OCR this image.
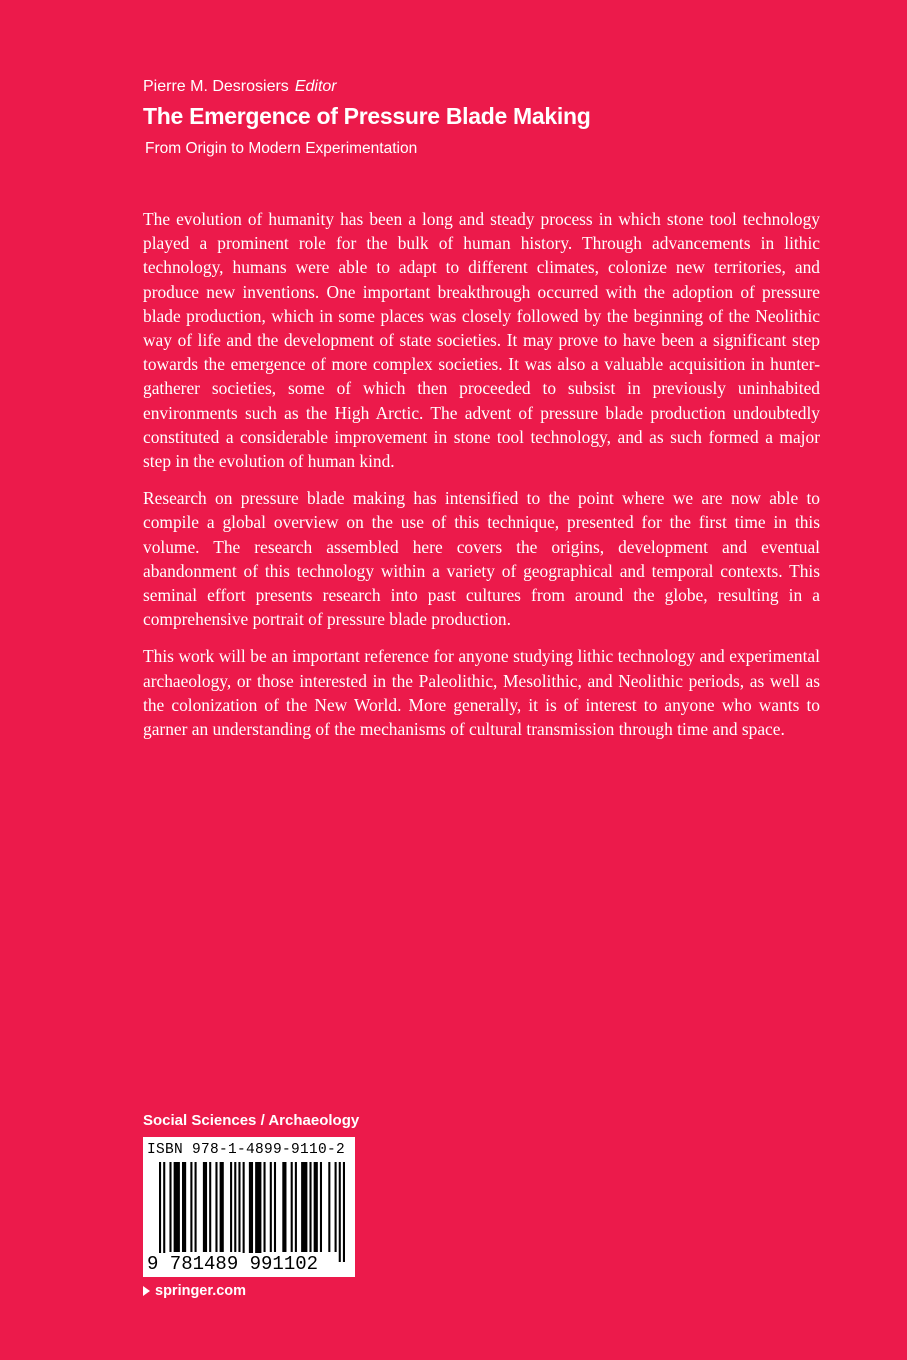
Pierre M. Desrosiers Editor
The Emergence of Pressure Blade Making
From Origin to Modern Experimentation

The evolution of humanity has been a long and steady process in which stone tool technology played a prominent role for the bulk of human history. Through advancements in lithic technology, humans were able to adapt to different climates, colonize new territories, and produce new inventions. One important breakthrough occurred with the adoption of pressure blade production, which in some places was closely followed by the beginning of the Neolithic way of life and the development of state societies. It may prove to have been a significant step towards the emergence of more complex societies. It was also a valuable acquisition in hunter-gatherer societies, some of which then proceeded to subsist in previously uninhabited environments such as the High Arctic. The advent of pressure blade production undoubtedly constituted a considerable improvement in stone tool technology, and as such formed a major step in the evolution of human kind.

Research on pressure blade making has intensified to the point where we are now able to compile a global overview on the use of this technique, presented for the first time in this volume. The research assembled here covers the origins, development and eventual abandonment of this technology within a variety of geographical and temporal contexts. This seminal effort presents research into past cultures from around the globe, resulting in a comprehensive portrait of pressure blade production.

This work will be an important reference for anyone studying lithic technology and experimental archaeology, or those interested in the Paleolithic, Mesolithic, and Neolithic periods, as well as the colonization of the New World. More generally, it is of interest to anyone who wants to garner an understanding of the mechanisms of cultural transmission through time and space.

Social Sciences / Archaeology
ISBN 978-1-4899-9110-2
9 781489 991102
springer.com
